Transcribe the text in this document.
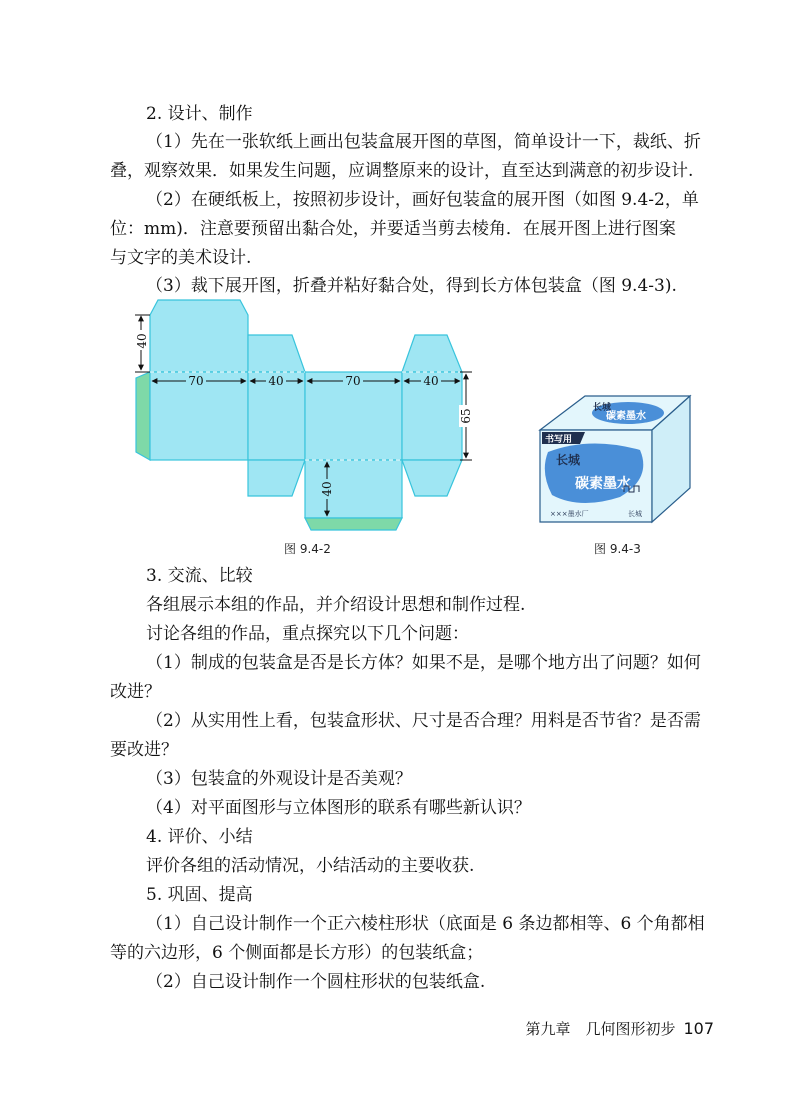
2. 设计、制作
（1）先在一张软纸上画出包装盒展开图的草图，简单设计一下，裁纸、折
叠，观察效果．如果发生问题，应调整原来的设计，直至达到满意的初步设计.
（2）在硬纸板上，按照初步设计，画好包装盒的展开图（如图 9.4-2，单
位：mm)．注意要预留出黏合处，并要适当剪去棱角．在展开图上进行图案
与文字的美术设计.
（3）裁下展开图，折叠并粘好黏合处，得到长方体包装盒（图 9.4-3).
40
70	40	70	40
65
40
图 9.4-2
长城
碳素墨水
书写用
长城
碳素墨水
×××墨水厂	长城
图 9.4-3
3. 交流、比较
各组展示本组的作品，并介绍设计思想和制作过程.
讨论各组的作品，重点探究以下几个问题：
（1）制成的包装盒是否是长方体？如果不是，是哪个地方出了问题？如何
改进？
（2）从实用性上看，包装盒形状、尺寸是否合理？用料是否节省？是否需
要改进？
（3）包装盒的外观设计是否美观？
（4）对平面图形与立体图形的联系有哪些新认识？
4. 评价、小结
评价各组的活动情况，小结活动的主要收获.
5. 巩固、提高
（1）自己设计制作一个正六棱柱形状（底面是 6 条边都相等、6 个角都相
等的六边形，6 个侧面都是长方形）的包装纸盒；
（2）自己设计制作一个圆柱形状的包装纸盒.
第九章　几何图形初步 107
